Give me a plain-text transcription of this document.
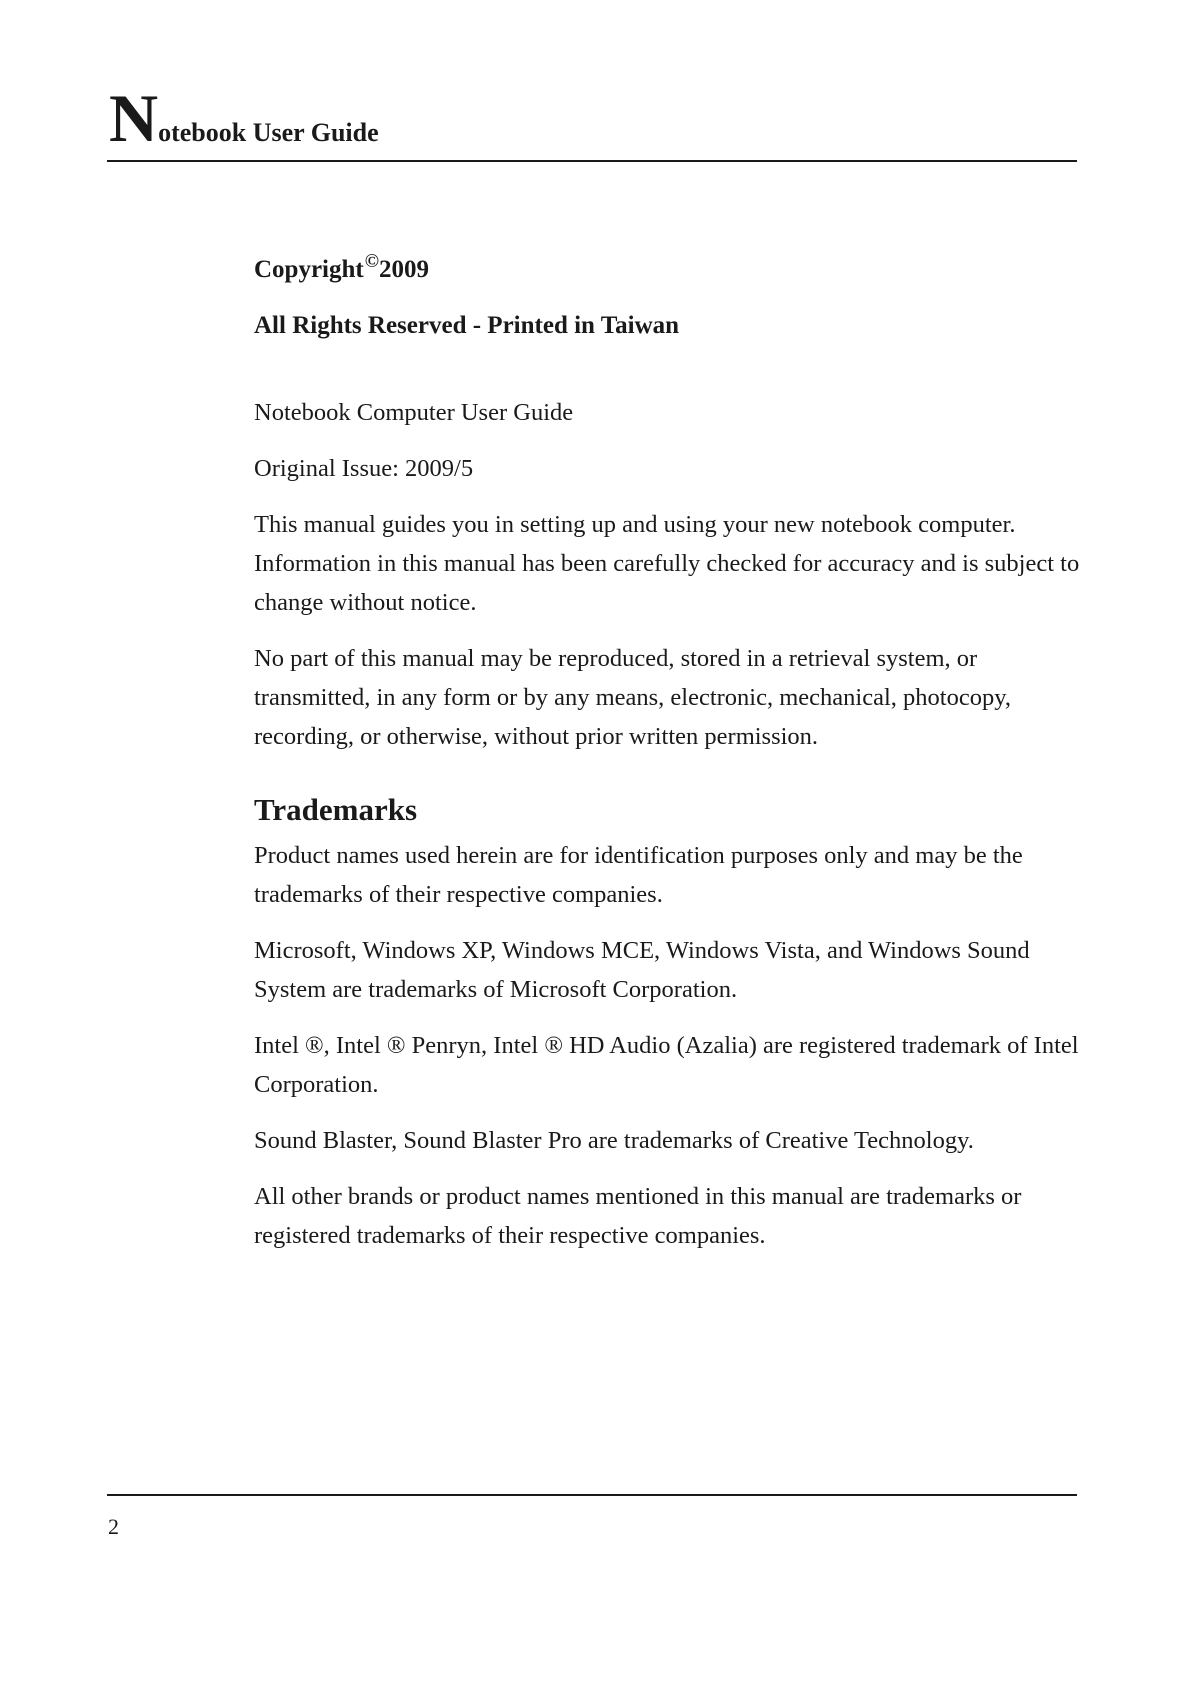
Notebook User Guide

Copyright©2009

All Rights Reserved - Printed in Taiwan

Notebook Computer User Guide

Original Issue: 2009/5

This manual guides you in setting up and using your new notebook computer. Information in this manual has been carefully checked for accuracy and is subject to change without notice.

No part of this manual may be reproduced, stored in a retrieval system, or transmitted, in any form or by any means, electronic, mechanical, photocopy, recording, or otherwise, without prior written permission.

Trademarks

Product names used herein are for identification purposes only and may be the trademarks of their respective companies.

Microsoft, Windows XP, Windows MCE, Windows Vista, and Windows Sound System are trademarks of Microsoft Corporation.

Intel ®, Intel ® Penryn, Intel ® HD Audio (Azalia) are registered trademark of Intel Corporation.

Sound Blaster, Sound Blaster Pro are trademarks of Creative Technology.

All other brands or product names mentioned in this manual are trademarks or registered trademarks of their respective companies.

2
